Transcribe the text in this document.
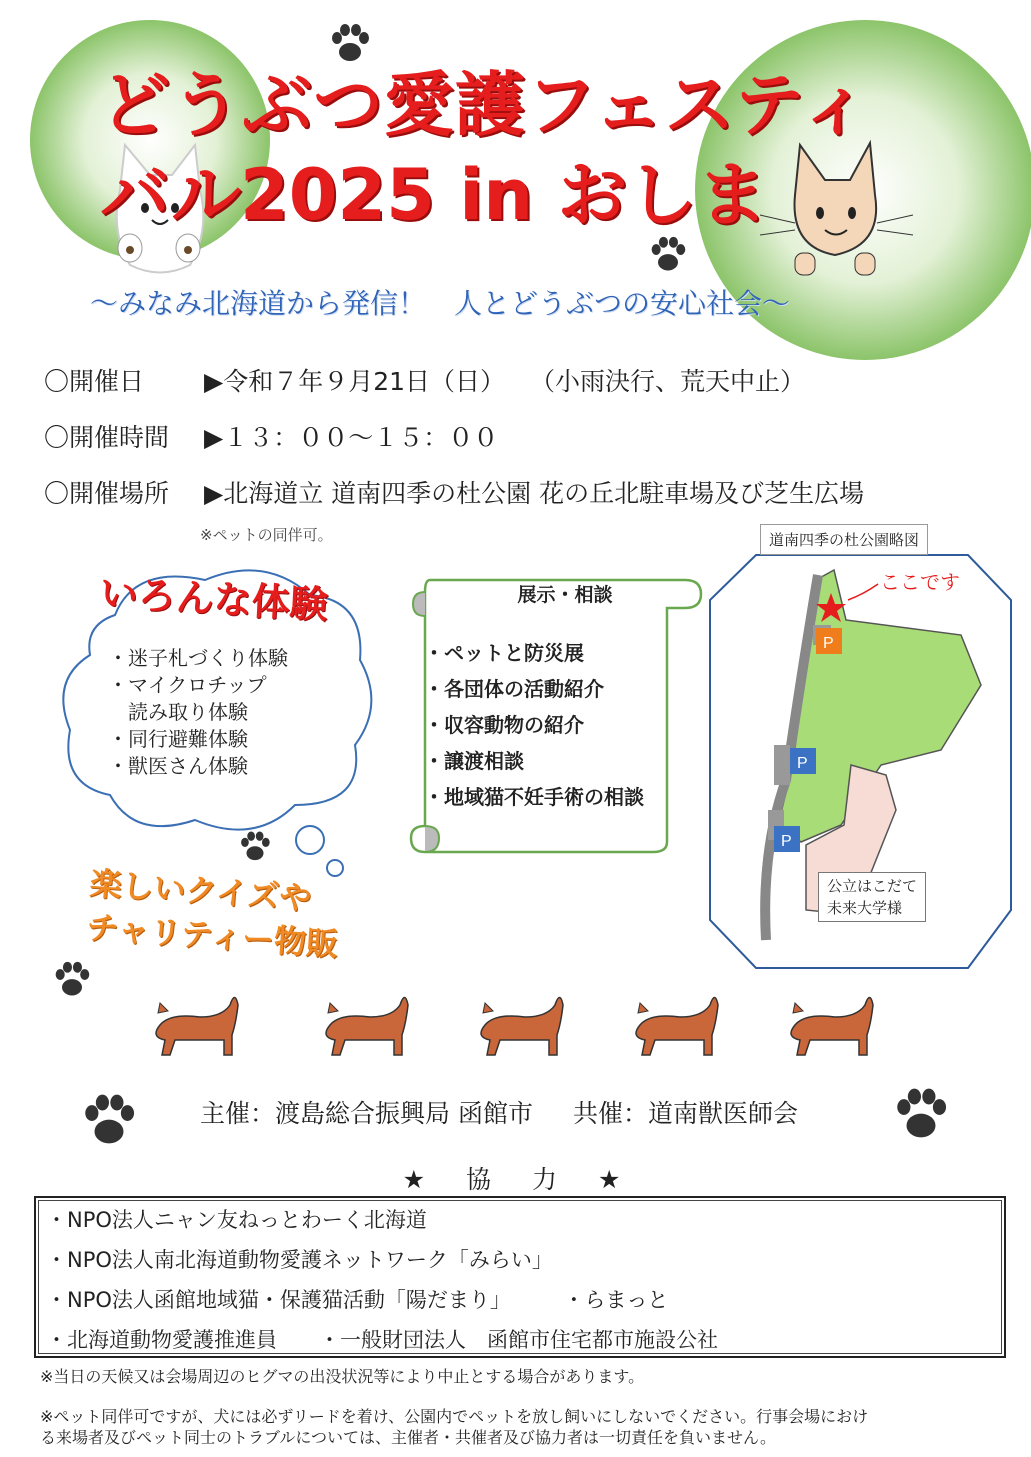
どうぶつ愛護フェスティバル
2025 in おしま
～みなみ北海道から発信！　人とどうぶつの安心社会～
〇開催日 ▶令和７年９月21日（日）　　（小雨決行、荒天中止）
〇開催時間 ▶１３：００～１５：００
〇開催場所 ▶北海道立 道南四季の杜公園 花の丘北駐車場及び芝生広場
※ペットの同伴可。
いろんな体験
・迷子札づくり体験
・マイクロチップ
　読み取り体験
・同行避難体験
・獣医さん体験
展示・相談
・ペットと防災展
・各団体の活動紹介
・収容動物の紹介
・譲渡相談
・地域猫不妊手術の相談
楽しいクイズや
チャリティー物販
P
P
P
道南四季の杜公園略図
ここです
公立はこだて
未来大学様
主催：渡島総合振興局 函館市 共催：道南獣医師会
★　協　力　★
・NPO法人ニャン友ねっとわーく北海道
・NPO法人南北海道動物愛護ネットワーク「みらい」
・NPO法人函館地域猫・保護猫活動「陽だまり」　　　・らまっと
・北海道動物愛護推進員　　・一般財団法人　函館市住宅都市施設公社
※当日の天候又は会場周辺のヒグマの出没状況等により中止とする場合があります。
※ペット同伴可ですが、犬には必ずリードを着け、公園内でペットを放し飼いにしないでください。行事会場におけ
る来場者及びペット同士のトラブルについては、主催者・共催者及び協力者は一切責任を負いません。
